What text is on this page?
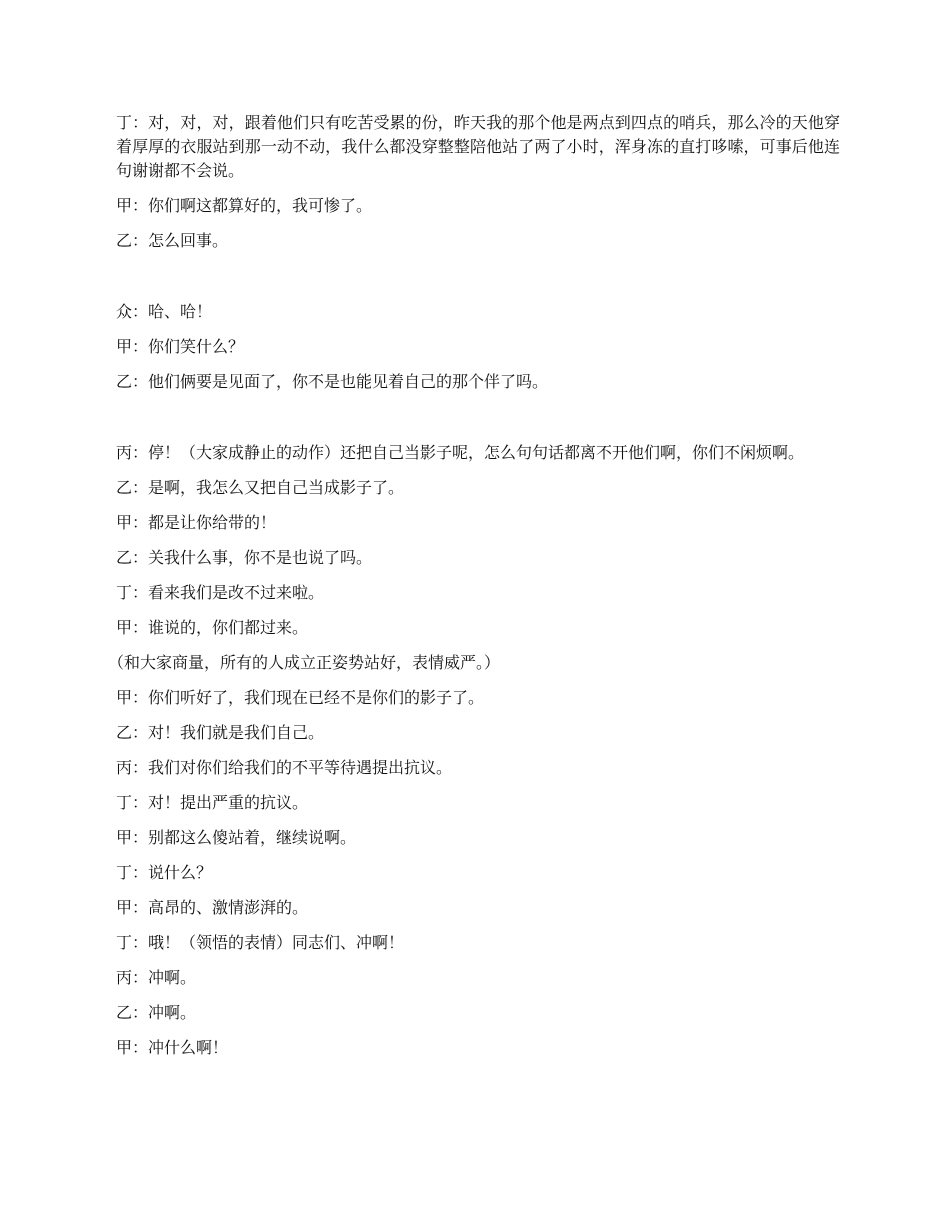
丁：对，对，对，跟着他们只有吃苦受累的份，昨天我的那个他是两点到四点的哨兵，那么冷的天他穿着厚厚的衣服站到那一动不动，我什么都没穿整整陪他站了两了小时，浑身冻的直打哆嗦，可事后他连句谢谢都不会说。

甲：你们啊这都算好的，我可惨了。

乙：怎么回事。

众：哈、哈！

甲：你们笑什么？

乙：他们俩要是见面了，你不是也能见着自己的那个伴了吗。

丙：停！（大家成静止的动作）还把自己当影子呢，怎么句句话都离不开他们啊，你们不闲烦啊。

乙：是啊，我怎么又把自己当成影子了。

甲：都是让你给带的！

乙：关我什么事，你不是也说了吗。

丁：看来我们是改不过来啦。

甲：谁说的，你们都过来。

（和大家商量，所有的人成立正姿势站好，表情威严。）

甲：你们听好了，我们现在已经不是你们的影子了。

乙：对！我们就是我们自己。

丙：我们对你们给我们的不平等待遇提出抗议。

丁：对！提出严重的抗议。

甲：别都这么傻站着，继续说啊。

丁：说什么？

甲：高昂的、激情澎湃的。

丁：哦！（领悟的表情）同志们、冲啊！

丙：冲啊。

乙：冲啊。

甲：冲什么啊！
